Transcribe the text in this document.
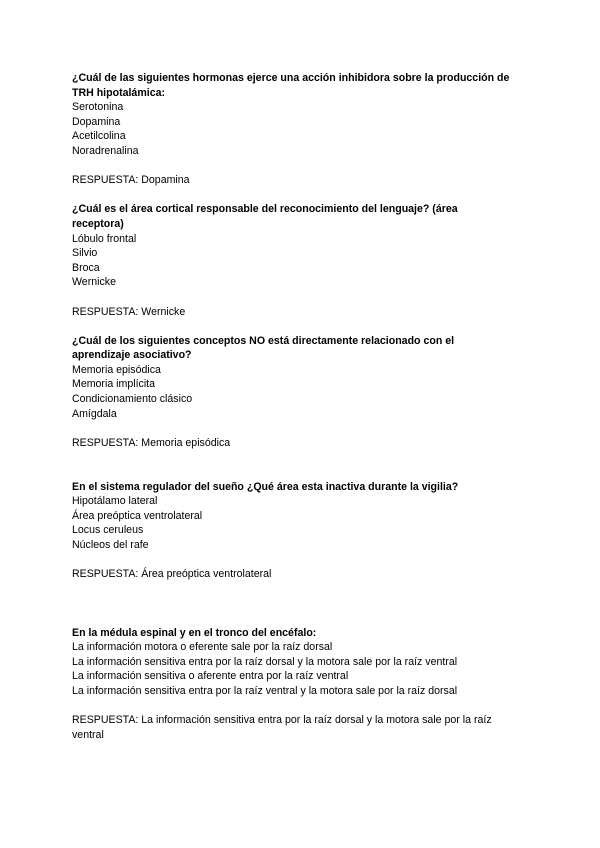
¿Cuál de las siguientes hormonas ejerce una acción inhibidora sobre la producción de TRH hipotalámica:
Serotonina
Dopamina
Acetilcolina
Noradrenalina
RESPUESTA: Dopamina
¿Cuál es el área cortical responsable del reconocimiento del lenguaje? (área receptora)
Lóbulo frontal
Silvio
Broca
Wernicke
RESPUESTA: Wernicke
¿Cuál de los siguientes conceptos NO está directamente relacionado con el aprendizaje asociativo?
Memoria episódica
Memoria implícita
Condicionamiento clásico
Amígdala
RESPUESTA: Memoria episódica
En el sistema regulador del sueño ¿Qué área esta inactiva durante la vigilia?
Hipotálamo lateral
Área preóptica ventrolateral
Locus ceruleus
Núcleos del rafe
RESPUESTA: Área preóptica ventrolateral
En la médula espinal y en el tronco del encéfalo:
La información motora o eferente sale por la raíz dorsal
La información sensitiva entra por la raíz dorsal y la motora sale por la raíz ventral
La información sensitiva o aferente entra por la raíz ventral
La información sensitiva entra por la raíz ventral y la motora sale por la raíz dorsal
RESPUESTA: La información sensitiva entra por la raíz dorsal y la motora sale por la raíz ventral
